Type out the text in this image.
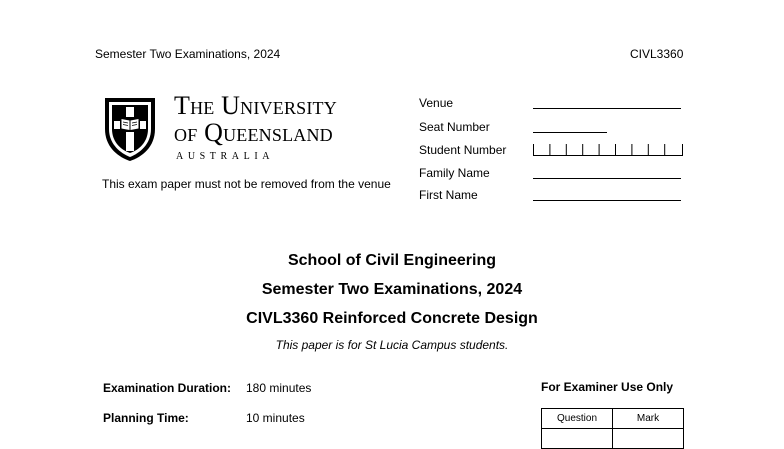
Semester Two Examinations, 2024	CIVL3360
The University
of Queensland
AUSTRALIA
This exam paper must not be removed from the venue
Venue
Seat Number
Student Number
Family Name
First Name
School of Civil Engineering
Semester Two Examinations, 2024
CIVL3360 Reinforced Concrete Design
This paper is for St Lucia Campus students.
Examination Duration: 180 minutes
Planning Time:	10 minutes
For Examiner Use Only
Question	Mark
